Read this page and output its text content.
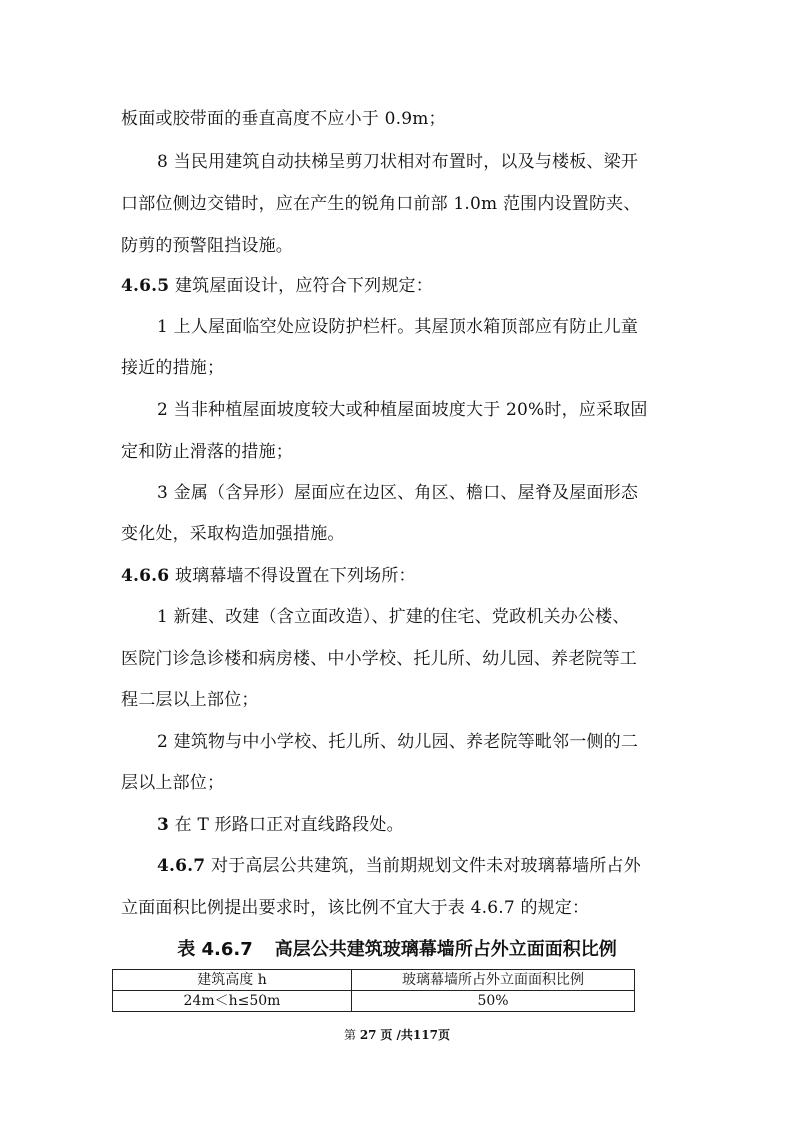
板面或胶带面的垂直高度不应小于 0.9m；
8 当民用建筑自动扶梯呈剪刀状相对布置时，以及与楼板、梁开
口部位侧边交错时，应在产生的锐角口前部 1.0m 范围内设置防夹、
防剪的预警阻挡设施。
4.6.5 建筑屋面设计，应符合下列规定：
1 上人屋面临空处应设防护栏杆。其屋顶水箱顶部应有防止儿童
接近的措施；
2 当非种植屋面坡度较大或种植屋面坡度大于 20%时，应采取固
定和防止滑落的措施；
3 金属（含异形）屋面应在边区、角区、檐口、屋脊及屋面形态
变化处，采取构造加强措施。
4.6.6 玻璃幕墙不得设置在下列场所：
1 新建、改建（含立面改造）、扩建的住宅、党政机关办公楼、
医院门诊急诊楼和病房楼、中小学校、托儿所、幼儿园、养老院等工
程二层以上部位；
2 建筑物与中小学校、托儿所、幼儿园、养老院等毗邻一侧的二
层以上部位；
3 在 T 形路口正对直线路段处。
4.6.7 对于高层公共建筑，当前期规划文件未对玻璃幕墙所占外
立面面积比例提出要求时，该比例不宜大于表 4.6.7 的规定：
表 4.6.7 高层公共建筑玻璃幕墙所占外立面面积比例
建筑高度 h	玻璃幕墙所占外立面面积比例
24m＜h≤50m	50%
第 27 页 /共117页
